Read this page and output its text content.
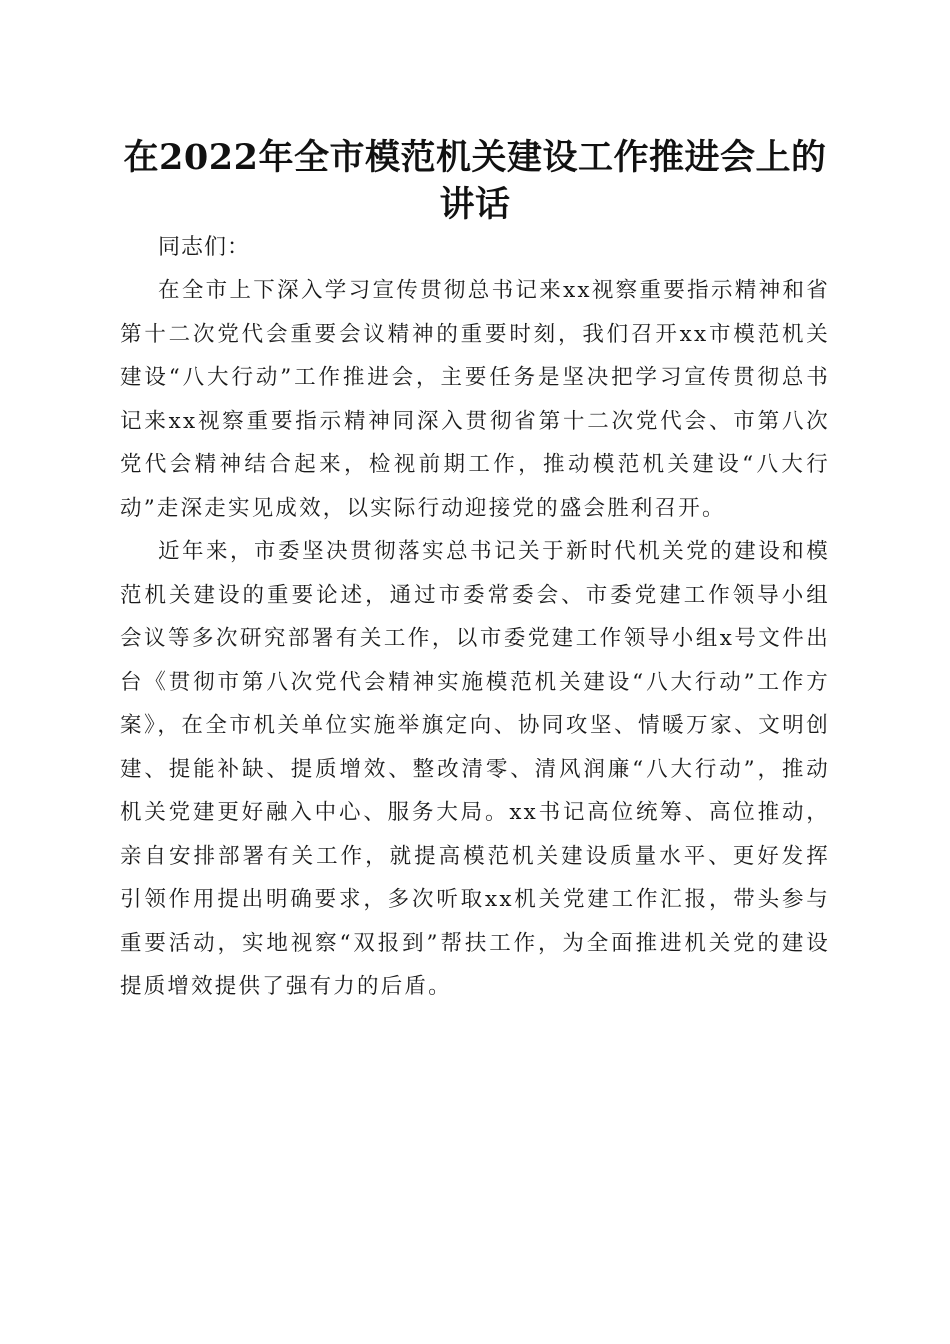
在2022年全市模范机关建设工作推进会上的讲话

同志们：

在全市上下深入学习宣传贯彻总书记来xx视察重要指示精神和省第十二次党代会重要会议精神的重要时刻，我们召开xx市模范机关建设“八大行动”工作推进会，主要任务是坚决把学习宣传贯彻总书记来xx视察重要指示精神同深入贯彻省第十二次党代会、市第八次党代会精神结合起来，检视前期工作，推动模范机关建设“八大行动”走深走实见成效，以实际行动迎接党的盛会胜利召开。

近年来，市委坚决贯彻落实总书记关于新时代机关党的建设和模范机关建设的重要论述，通过市委常委会、市委党建工作领导小组会议等多次研究部署有关工作，以市委党建工作领导小组x号文件出台《贯彻市第八次党代会精神实施模范机关建设“八大行动”工作方案》，在全市机关单位实施举旗定向、协同攻坚、情暖万家、文明创建、提能补缺、提质增效、整改清零、清风润廉“八大行动”，推动机关党建更好融入中心、服务大局。xx书记高位统筹、高位推动，亲自安排部署有关工作，就提高模范机关建设质量水平、更好发挥引领作用提出明确要求，多次听取xx机关党建工作汇报，带头参与重要活动，实地视察“双报到”帮扶工作，为全面推进机关党的建设提质增效提供了强有力的后盾。
